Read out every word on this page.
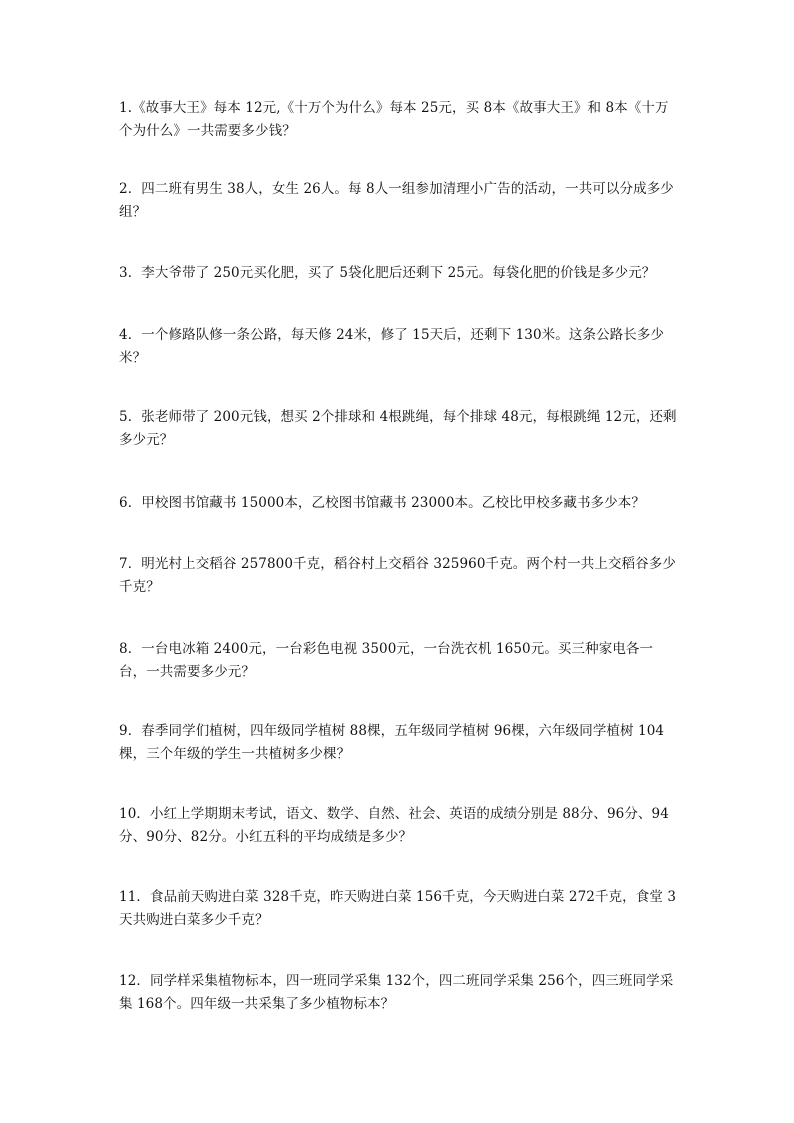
1.《故事大王》每本 12元,《十万个为什么》每本 25元，买 8本《故事大王》和 8本《十万个为什么》一共需要多少钱？

2．四二班有男生 38人，女生 26人。每 8人一组参加清理小广告的活动，一共可以分成多少组？

3．李大爷带了 250元买化肥，买了 5袋化肥后还剩下 25元。每袋化肥的价钱是多少元？

4．一个修路队修一条公路，每天修 24米，修了 15天后，还剩下 130米。这条公路长多少米？

5．张老师带了 200元钱，想买 2个排球和 4根跳绳，每个排球 48元，每根跳绳 12元，还剩多少元？

6．甲校图书馆藏书 15000本，乙校图书馆藏书 23000本。乙校比甲校多藏书多少本？

7．明光村上交稻谷 257800千克，稻谷村上交稻谷 325960千克。两个村一共上交稻谷多少千克？

8．一台电冰箱 2400元，一台彩色电视 3500元，一台洗衣机 1650元。买三种家电各一台，一共需要多少元？

9．春季同学们植树，四年级同学植树 88棵，五年级同学植树 96棵，六年级同学植树 104棵，三个年级的学生一共植树多少棵？

10．小红上学期期末考试，语文、数学、自然、社会、英语的成绩分别是 88分、96分、94分、90分、82分。小红五科的平均成绩是多少？

11．食品前天购进白菜 328千克，昨天购进白菜 156千克，今天购进白菜 272千克，食堂 3天共购进白菜多少千克？

12．同学样采集植物标本，四一班同学采集 132个，四二班同学采集 256个，四三班同学采集 168个。四年级一共采集了多少植物标本？
